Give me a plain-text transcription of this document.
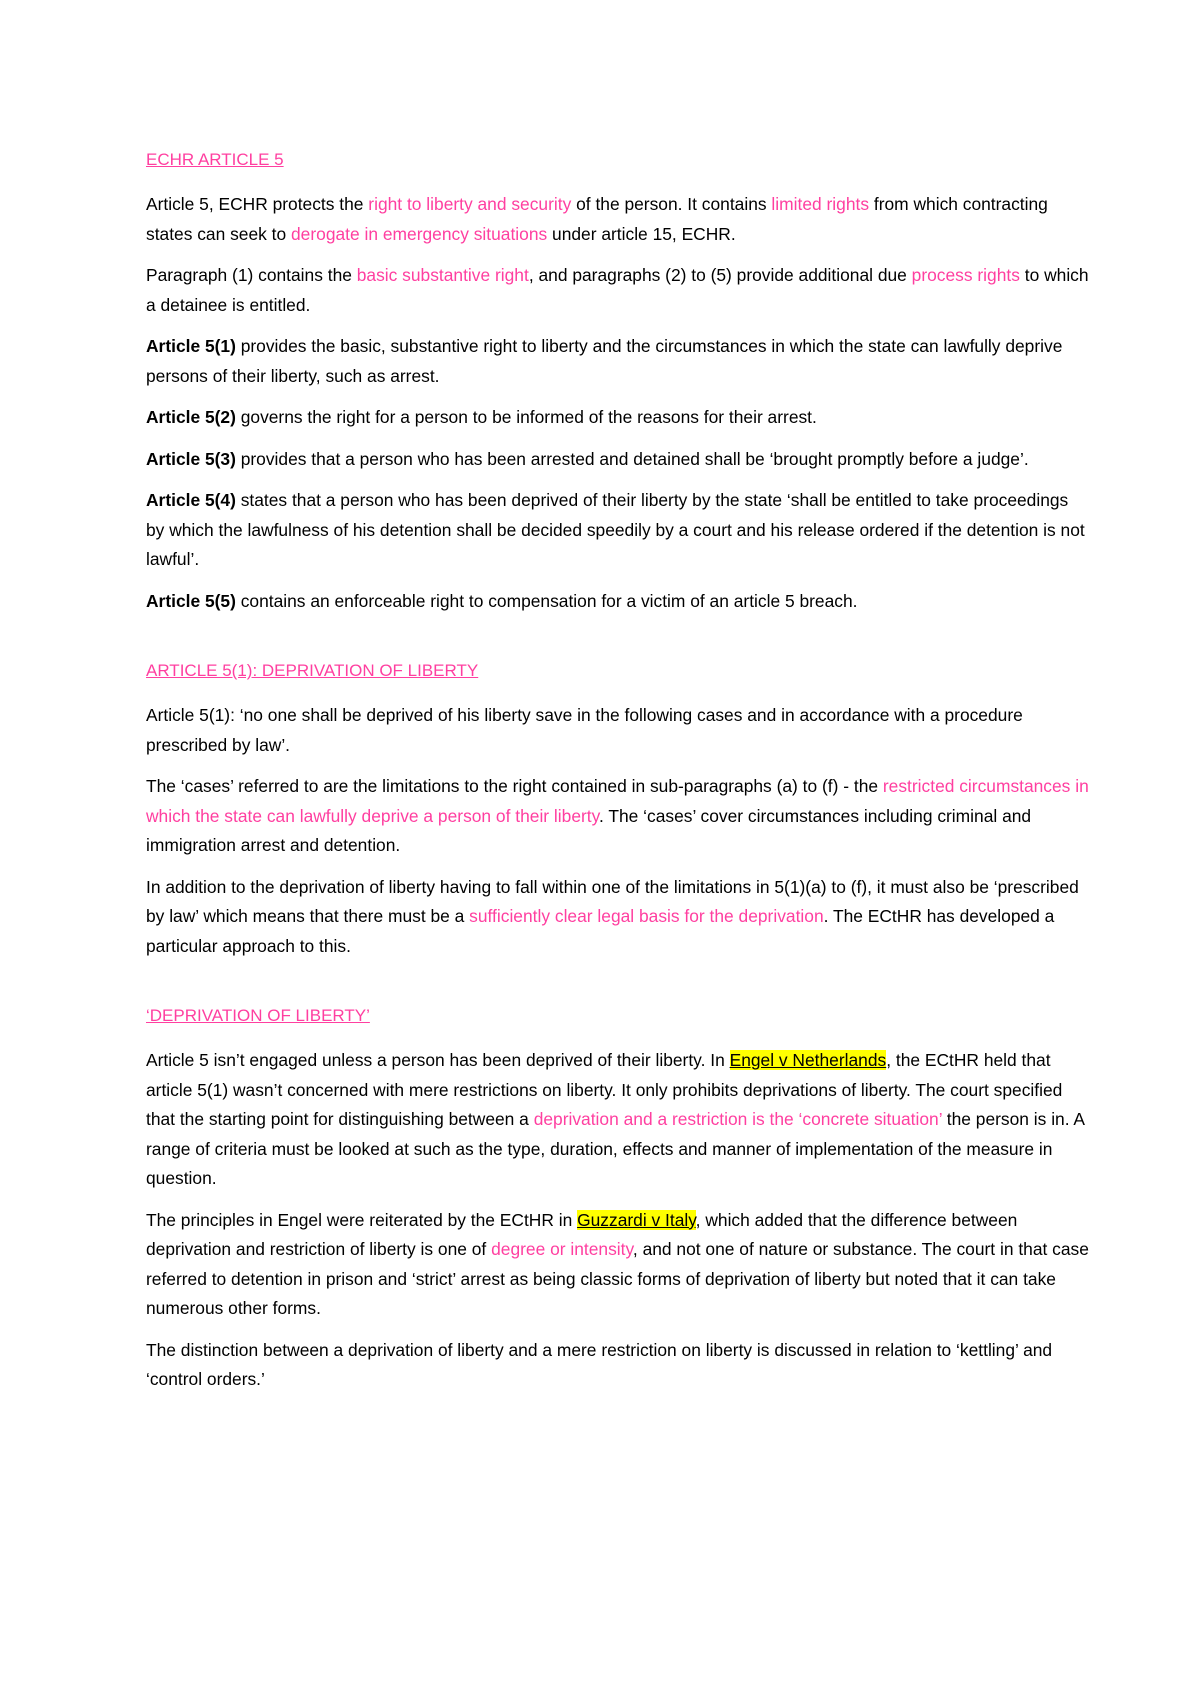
ECHR ARTICLE 5

Article 5, ECHR protects the right to liberty and security of the person. It contains limited rights from which contracting states can seek to derogate in emergency situations under article 15, ECHR.

Paragraph (1) contains the basic substantive right, and paragraphs (2) to (5) provide additional due process rights to which a detainee is entitled.

Article 5(1) provides the basic, substantive right to liberty and the circumstances in which the state can lawfully deprive persons of their liberty, such as arrest.

Article 5(2) governs the right for a person to be informed of the reasons for their arrest.

Article 5(3) provides that a person who has been arrested and detained shall be ‘brought promptly before a judge’.

Article 5(4) states that a person who has been deprived of their liberty by the state ‘shall be entitled to take proceedings by which the lawfulness of his detention shall be decided speedily by a court and his release ordered if the detention is not lawful’.

Article 5(5) contains an enforceable right to compensation for a victim of an article 5 breach.

ARTICLE 5(1): DEPRIVATION OF LIBERTY

Article 5(1): ‘no one shall be deprived of his liberty save in the following cases and in accordance with a procedure prescribed by law’.

The ‘cases’ referred to are the limitations to the right contained in sub-paragraphs (a) to (f) - the restricted circumstances in which the state can lawfully deprive a person of their liberty. The ‘cases’ cover circumstances including criminal and immigration arrest and detention.

In addition to the deprivation of liberty having to fall within one of the limitations in 5(1)(a) to (f), it must also be ‘prescribed by law’ which means that there must be a sufficiently clear legal basis for the deprivation. The ECtHR has developed a particular approach to this.

‘DEPRIVATION OF LIBERTY’

Article 5 isn’t engaged unless a person has been deprived of their liberty. In Engel v Netherlands, the ECtHR held that article 5(1) wasn’t concerned with mere restrictions on liberty. It only prohibits deprivations of liberty. The court specified that the starting point for distinguishing between a deprivation and a restriction is the ‘concrete situation’ the person is in. A range of criteria must be looked at such as the type, duration, effects and manner of implementation of the measure in question.

The principles in Engel were reiterated by the ECtHR in Guzzardi v Italy, which added that the difference between deprivation and restriction of liberty is one of degree or intensity, and not one of nature or substance. The court in that case referred to detention in prison and ‘strict’ arrest as being classic forms of deprivation of liberty but noted that it can take numerous other forms.

The distinction between a deprivation of liberty and a mere restriction on liberty is discussed in relation to ‘kettling’ and ‘control orders.’
